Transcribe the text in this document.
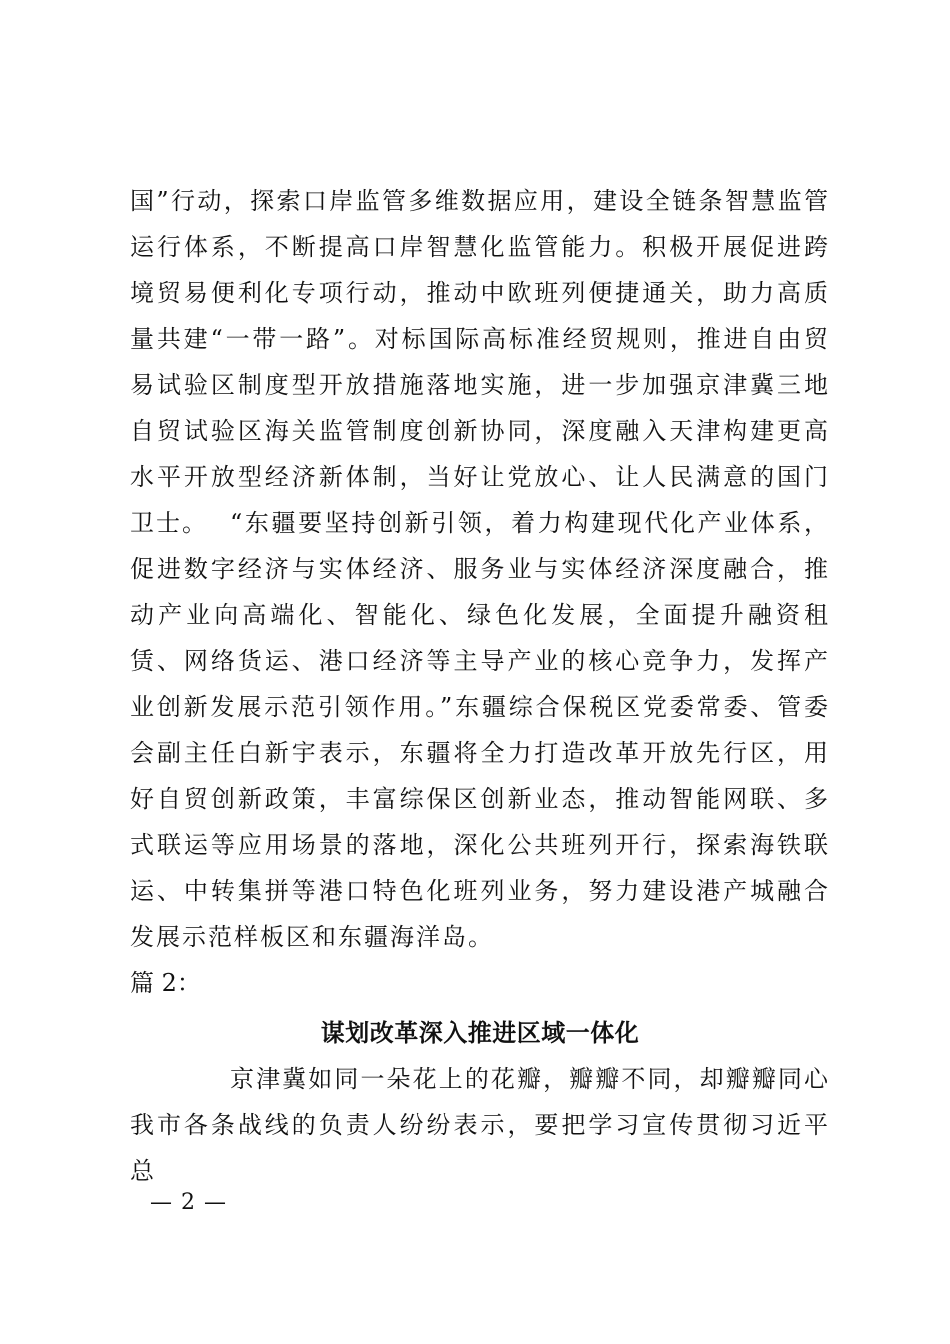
国”行动，探索口岸监管多维数据应用，建设全链条智慧监管运行体系，不断提高口岸智慧化监管能力。积极开展促进跨境贸易便利化专项行动，推动中欧班列便捷通关，助力高质量共建“一带一路”。对标国际高标准经贸规则，推进自由贸易试验区制度型开放措施落地实施，进一步加强京津冀三地自贸试验区海关监管制度创新协同，深度融入天津构建更高水平开放型经济新体制，当好让党放心、让人民满意的国门卫士。 “东疆要坚持创新引领，着力构建现代化产业体系，促进数字经济与实体经济、服务业与实体经济深度融合，推动产业向高端化、智能化、绿色化发展，全面提升融资租赁、网络货运、港口经济等主导产业的核心竞争力，发挥产业创新发展示范引领作用。”东疆综合保税区党委常委、管委会副主任白新宇表示，东疆将全力打造改革开放先行区，用好自贸创新政策，丰富综保区创新业态，推动智能网联、多式联运等应用场景的落地，深化公共班列开行，探索海铁联运、中转集拼等港口特色化班列业务，努力建设港产城融合发展示范样板区和东疆海洋岛。

篇 2：

谋划改革深入推进区域一体化

京津冀如同一朵花上的花瓣，瓣瓣不同，却瓣瓣同心我市各条战线的负责人纷纷表示，要把学习宣传贯彻习近平总

— 2 —
